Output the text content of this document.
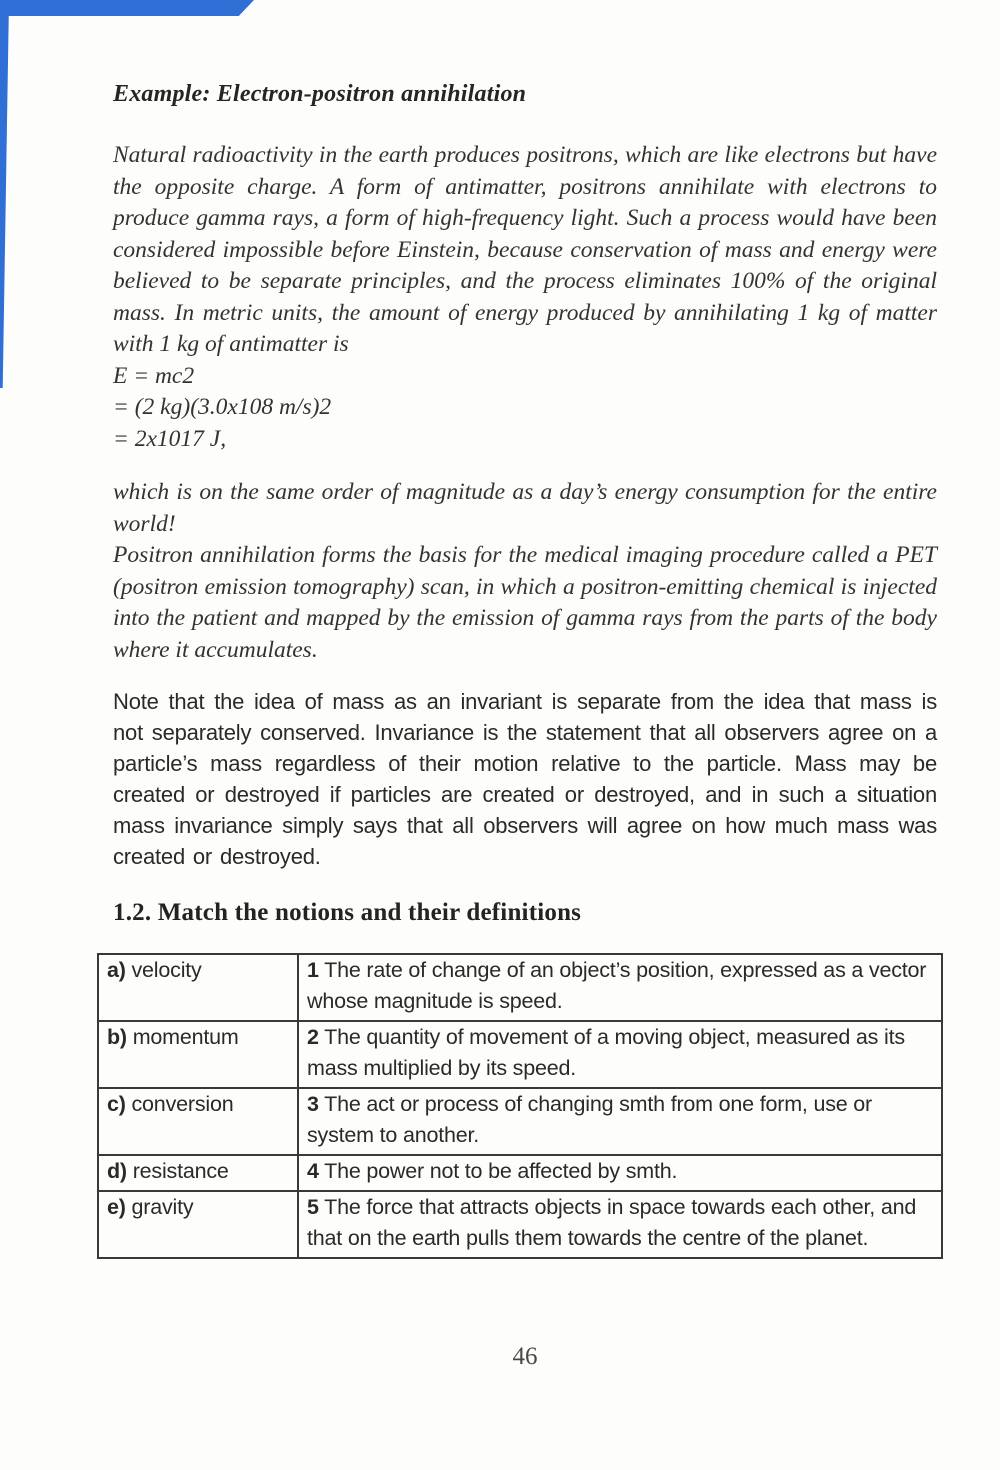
Example: Electron-positron annihilation

Natural radioactivity in the earth produces positrons, which are like electrons but have the opposite charge. A form of antimatter, positrons annihilate with electrons to produce gamma rays, a form of high-frequency light. Such a process would have been considered impossible before Einstein, because conservation of mass and energy were believed to be separate principles, and the process eliminates 100% of the original mass. In metric units, the amount of energy produced by annihilating 1 kg of matter with 1 kg of antimatter is

E = mc2
= (2 kg)(3.0x108 m/s)2
= 2x1017 J,

which is on the same order of magnitude as a day’s energy consumption for the entire world!

Positron annihilation forms the basis for the medical imaging procedure called a PET (positron emission tomography) scan, in which a positron-emitting chemical is injected into the patient and mapped by the emission of gamma rays from the parts of the body where it accumulates.

Note that the idea of mass as an invariant is separate from the idea that mass is not separately conserved. Invariance is the statement that all observers agree on a particle’s mass regardless of their motion relative to the particle. Mass may be created or destroyed if particles are created or destroyed, and in such a situation mass invariance simply says that all observers will agree on how much mass was created or destroyed.

1.2. Match the notions and their definitions
a) velocity	1 The rate of change of an object’s position, expressed as a vector whose magnitude is speed.
b) momentum	2 The quantity of movement of a moving object, measured as its mass multiplied by its speed.
c) conversion	3 The act or process of changing smth from one form, use or system to another.
d) resistance	4 The power not to be affected by smth.
e) gravity	5 The force that attracts objects in space towards each other, and that on the earth pulls them towards the centre of the planet.
46
